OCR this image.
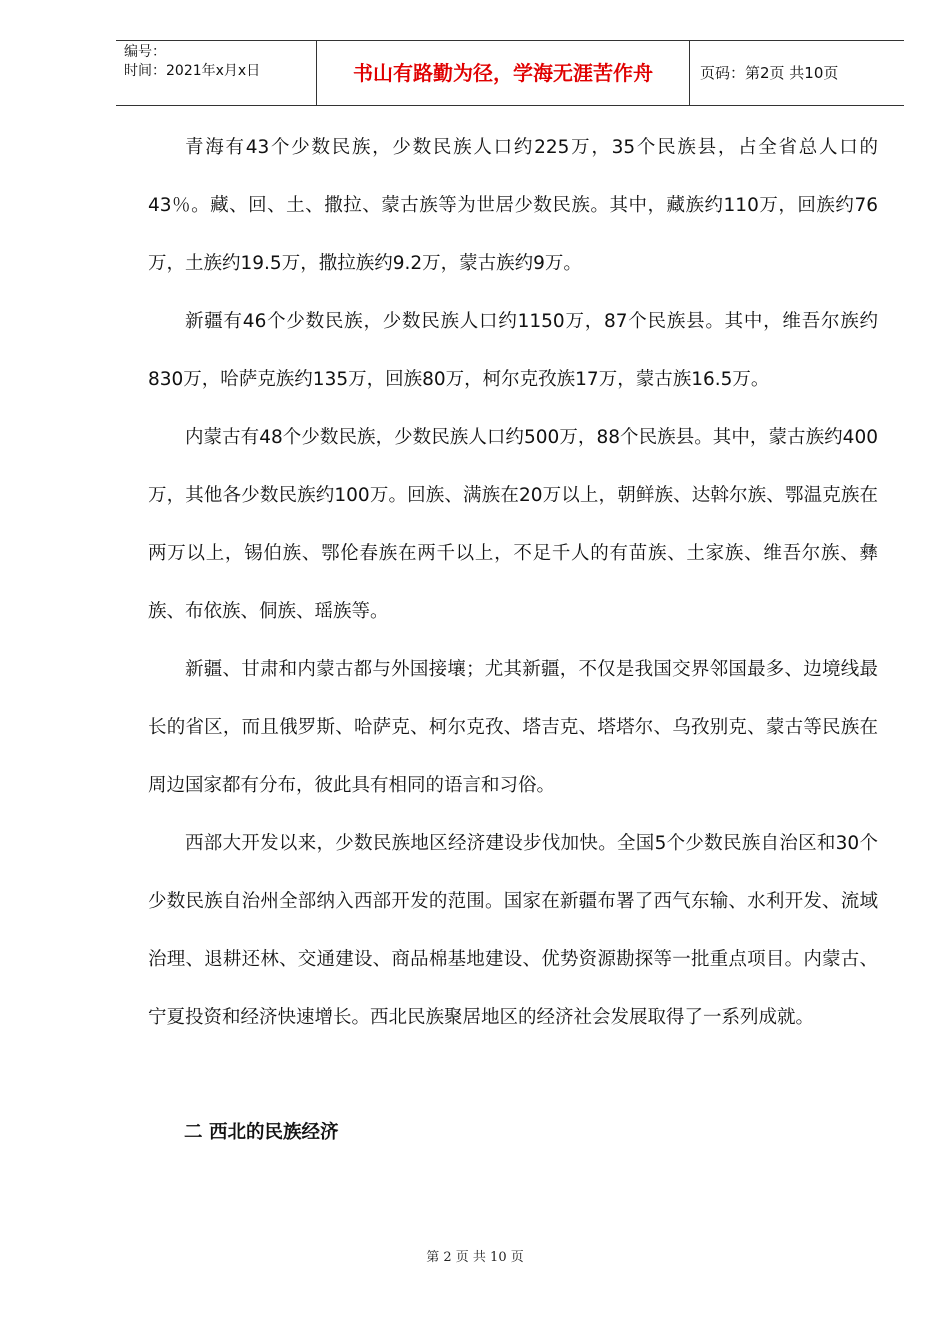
编号：
时间：2021年x月x日	书山有路勤为径，学海无涯苦作舟	页码：第2页 共10页

青海有43个少数民族，少数民族人口约225万，35个民族县，占全省总人口的43％。藏、回、土、撒拉、蒙古族等为世居少数民族。其中，藏族约110万，回族约76万，土族约19.5万，撒拉族约9.2万，蒙古族约9万。

新疆有46个少数民族，少数民族人口约1150万，87个民族县。其中，维吾尔族约830万，哈萨克族约135万，回族80万，柯尔克孜族17万，蒙古族16.5万。

内蒙古有48个少数民族，少数民族人口约500万，88个民族县。其中，蒙古族约400万，其他各少数民族约100万。回族、满族在20万以上，朝鲜族、达斡尔族、鄂温克族在两万以上，锡伯族、鄂伦春族在两千以上，不足千人的有苗族、土家族、维吾尔族、彝族、布依族、侗族、瑶族等。

新疆、甘肃和内蒙古都与外国接壤；尤其新疆，不仅是我国交界邻国最多、边境线最长的省区，而且俄罗斯、哈萨克、柯尔克孜、塔吉克、塔塔尔、乌孜别克、蒙古等民族在周边国家都有分布，彼此具有相同的语言和习俗。

西部大开发以来，少数民族地区经济建设步伐加快。全国5个少数民族自治区和30个少数民族自治州全部纳入西部开发的范围。国家在新疆布署了西气东输、水利开发、流域治理、退耕还林、交通建设、商品棉基地建设、优势资源勘探等一批重点项目。内蒙古、宁夏投资和经济快速增长。西北民族聚居地区的经济社会发展取得了一系列成就。

二 西北的民族经济
第 2 页 共 10 页
